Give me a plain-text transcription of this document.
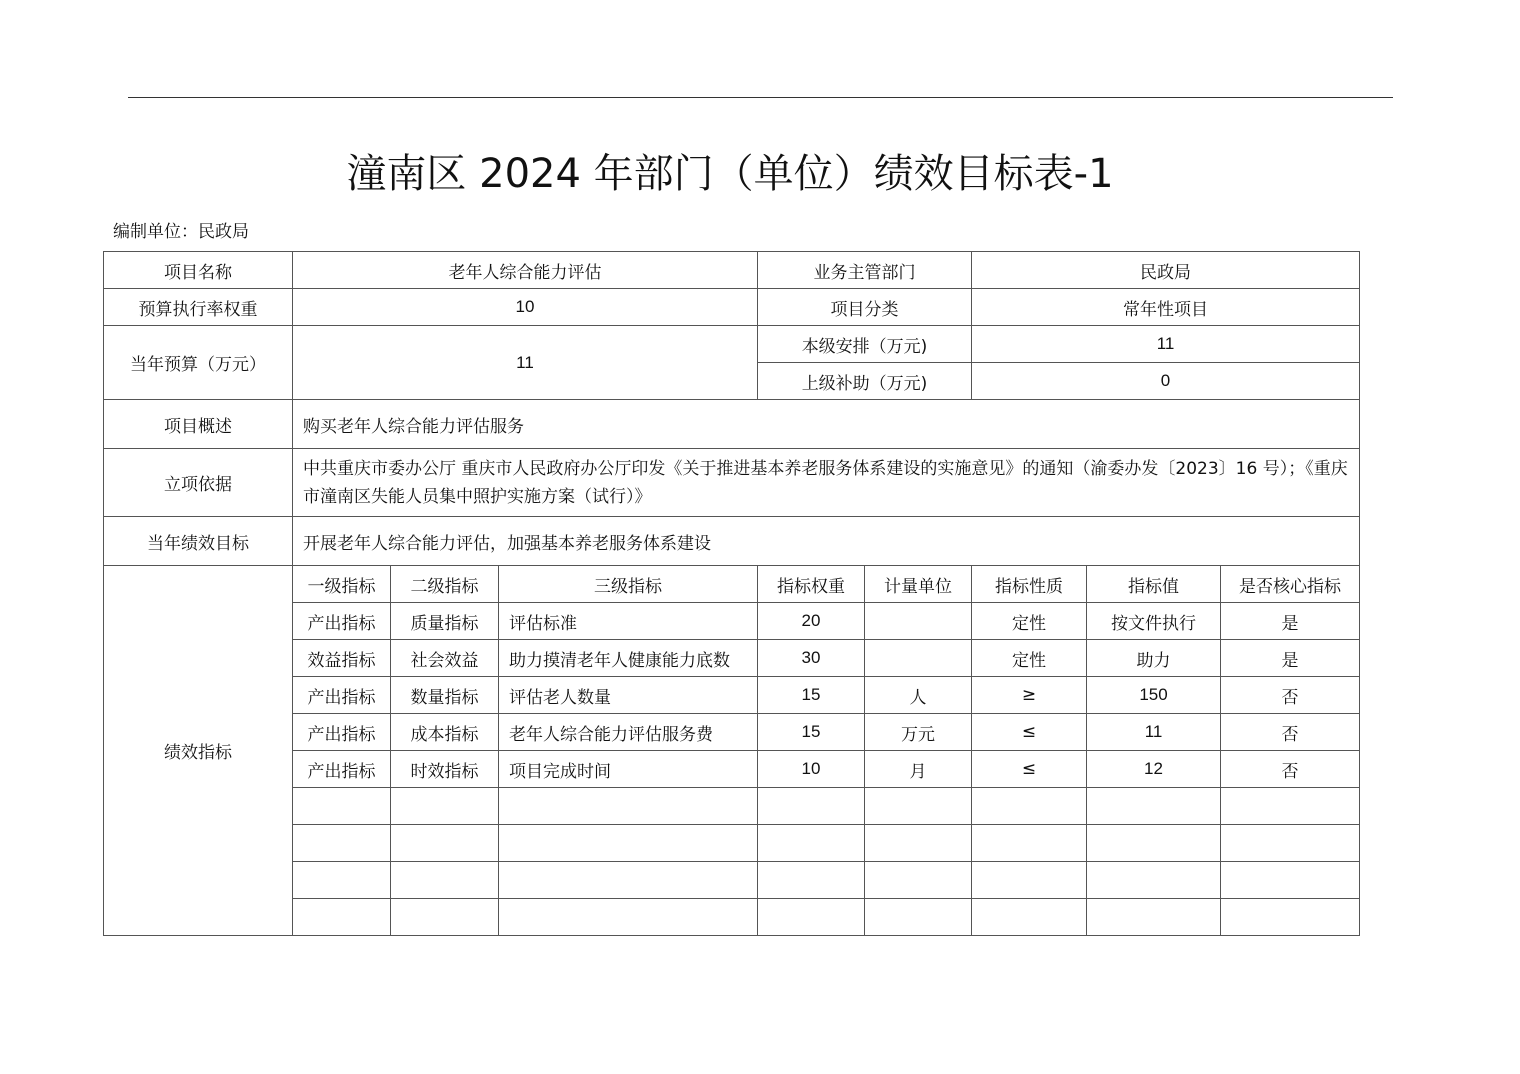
潼南区 2024 年部门（单位）绩效目标表-1
编制单位：民政局
项目名称	老年人综合能力评估			业务主管部门		民政局		
预算执行率权重	10			项目分类		常年性项目		
当年预算（万元）	11			本级安排（万元)		11		
				上级补助（万元)		0		
项目概述	购买老年人综合能力评估服务							
立项依据	中共重庆市委办公厅 重庆市人民政府办公厅印发《关于推进基本养老服务体系建设的实施意见》的通知（渝委办发〔2023〕16 号）；《重庆市潼南区失能人员集中照护实施方案（试行）》							
当年绩效目标	开展老年人综合能力评估，加强基本养老服务体系建设							
绩效指标	一级指标	二级指标	三级指标	指标权重	计量单位	指标性质	指标值	是否核心指标
	产出指标	质量指标	评估标准	20		定性	按文件执行	是
	效益指标	社会效益	助力摸清老年人健康能力底数	30		定性	助力	是
	产出指标	数量指标	评估老人数量	15	人	≥	150	否
	产出指标	成本指标	老年人综合能力评估服务费	15	万元	≤	11	否
	产出指标	时效指标	项目完成时间	10	月	≤	12	否
